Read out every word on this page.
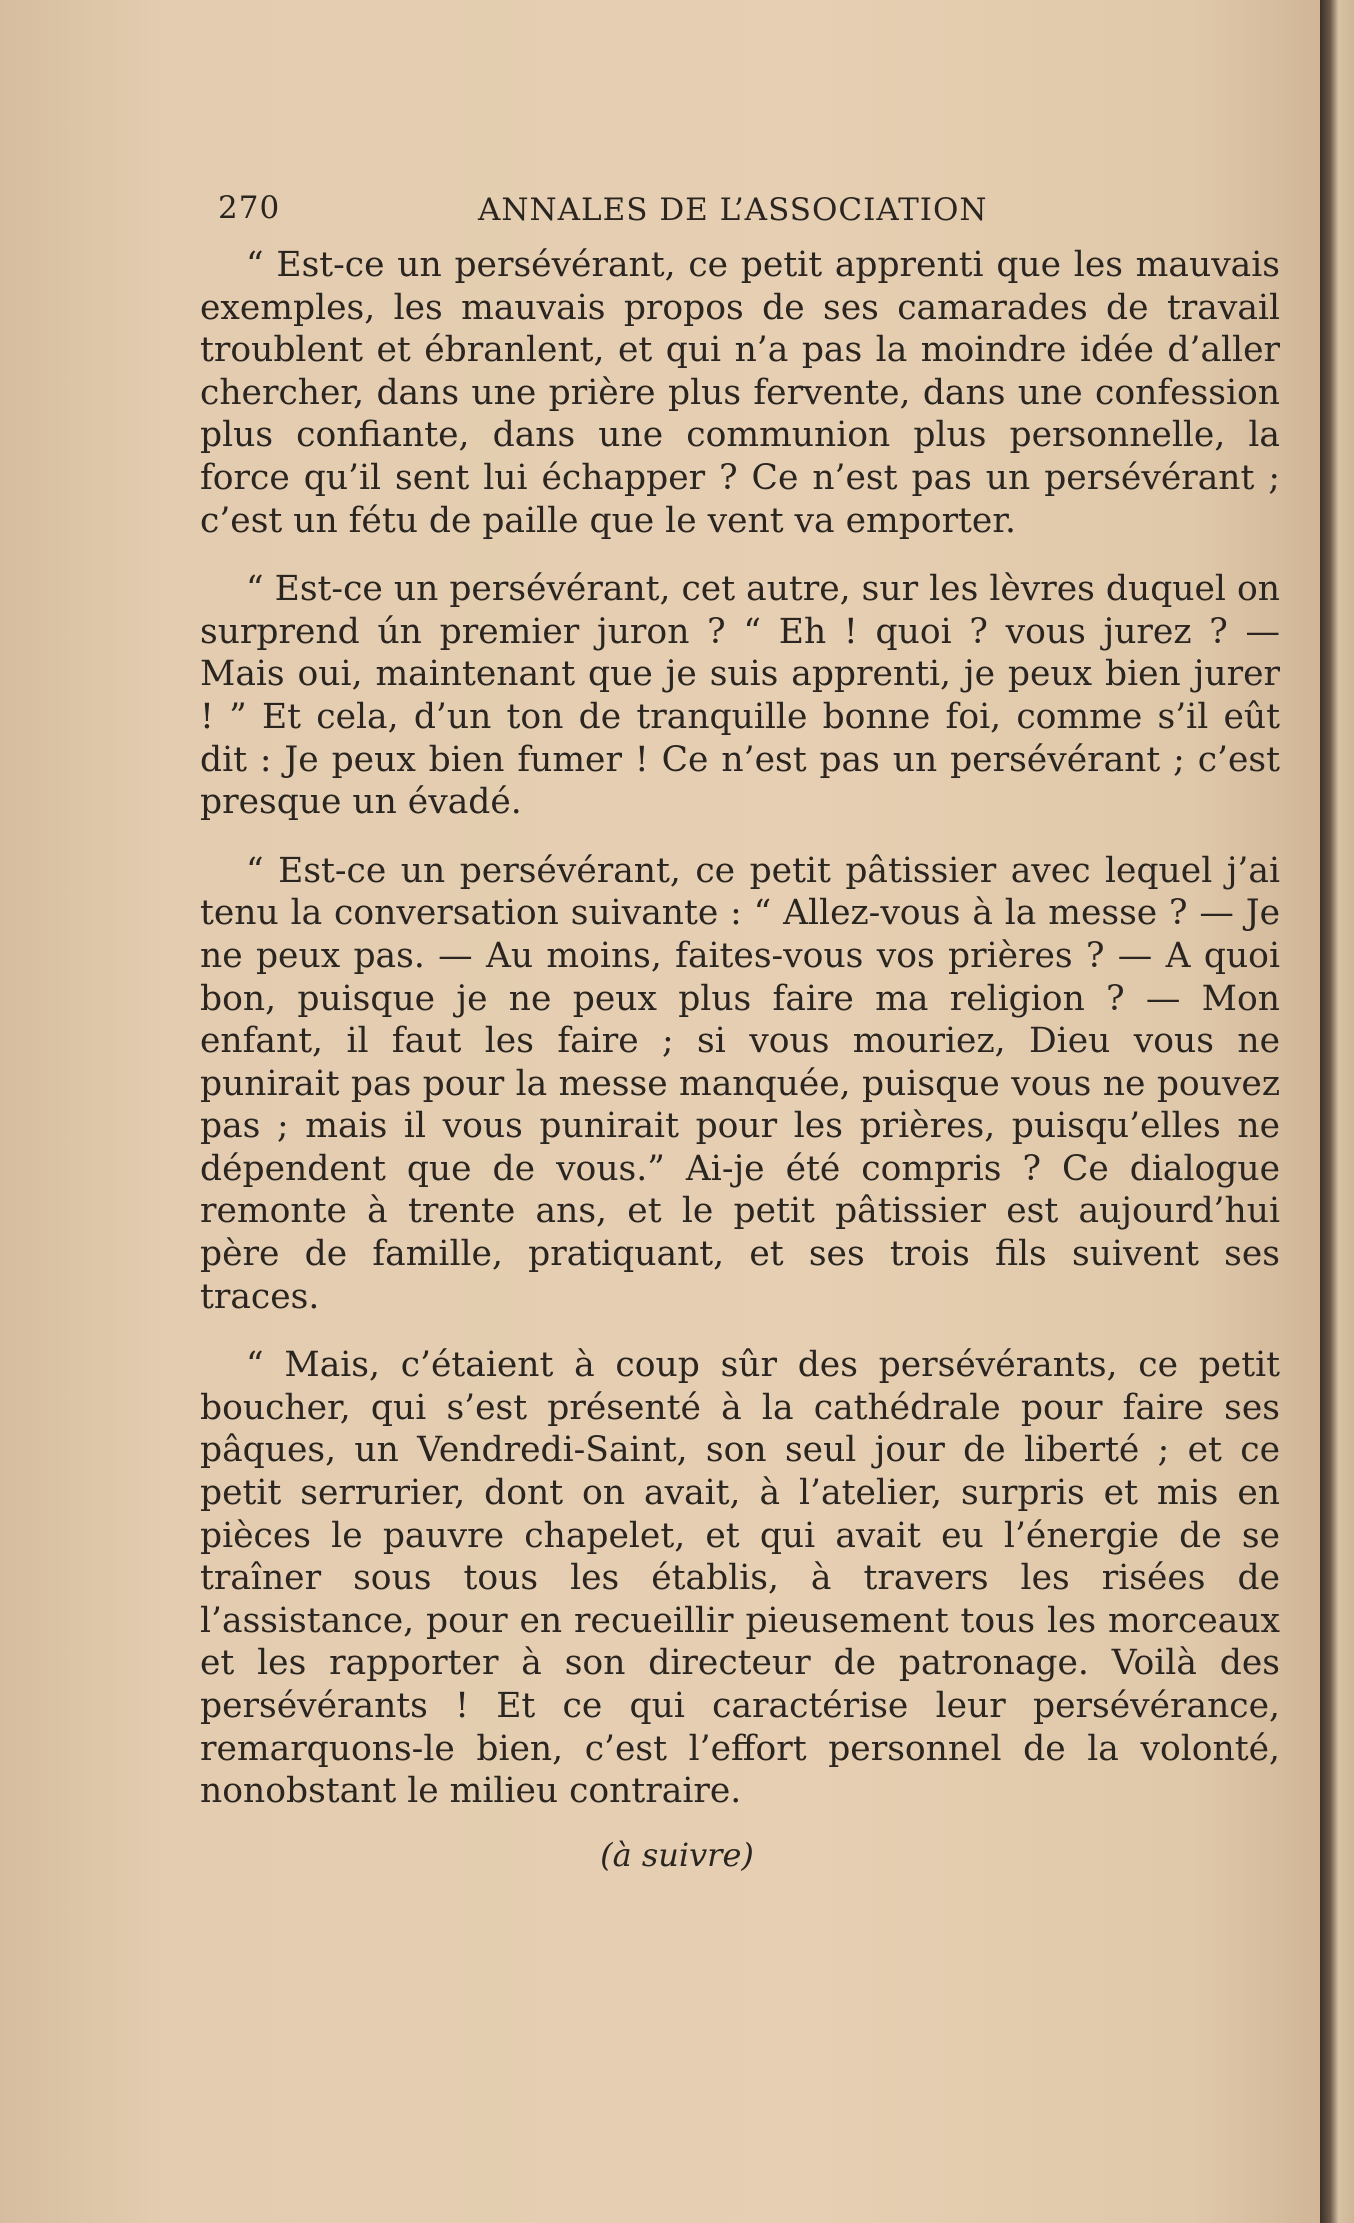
270	ANNALES DE L’ASSOCIATION

“ Est-ce un persévérant, ce petit apprenti que les mauvais exemples, les mauvais propos de ses camarades de travail troublent et ébranlent, et qui n’a pas la moindre idée d’aller chercher, dans une prière plus fervente, dans une confession plus confiante, dans une communion plus personnelle, la force qu’il sent lui échapper ? Ce n’est pas un persévérant ; c’est un fétu de paille que le vent va emporter.

“ Est-ce un persévérant, cet autre, sur les lèvres duquel on surprend ún premier juron ? “ Eh ! quoi ? vous jurez ? — Mais oui, maintenant que je suis apprenti, je peux bien jurer ! ” Et cela, d’un ton de tranquille bonne foi, comme s’il eût dit : Je peux bien fumer ! Ce n’est pas un persévérant ; c’est presque un évadé.

“ Est-ce un persévérant, ce petit pâtissier avec lequel j’ai tenu la conversation suivante : “ Allez-vous à la messe ? — Je ne peux pas. — Au moins, faites-vous vos prières ? — A quoi bon, puisque je ne peux plus faire ma religion ? — Mon enfant, il faut les faire ; si vous mouriez, Dieu vous ne punirait pas pour la messe manquée, puisque vous ne pouvez pas ; mais il vous punirait pour les prières, puisqu’elles ne dépendent que de vous.” Ai-je été compris ? Ce dialogue remonte à trente ans, et le petit pâtissier est aujourd’hui père de famille, pratiquant, et ses trois fils suivent ses traces.

“ Mais, c’étaient à coup sûr des persévérants, ce petit boucher, qui s’est présenté à la cathédrale pour faire ses pâques, un Vendredi-Saint, son seul jour de liberté ; et ce petit serrurier, dont on avait, à l’atelier, surpris et mis en pièces le pauvre chapelet, et qui avait eu l’énergie de se traîner sous tous les établis, à travers les risées de l’assistance, pour en recueillir pieusement tous les morceaux et les rapporter à son directeur de patronage. Voilà des persévérants ! Et ce qui caractérise leur persévérance, remarquons-le bien, c’est l’effort personnel de la volonté, nonobstant le milieu contraire.

(à suivre)
